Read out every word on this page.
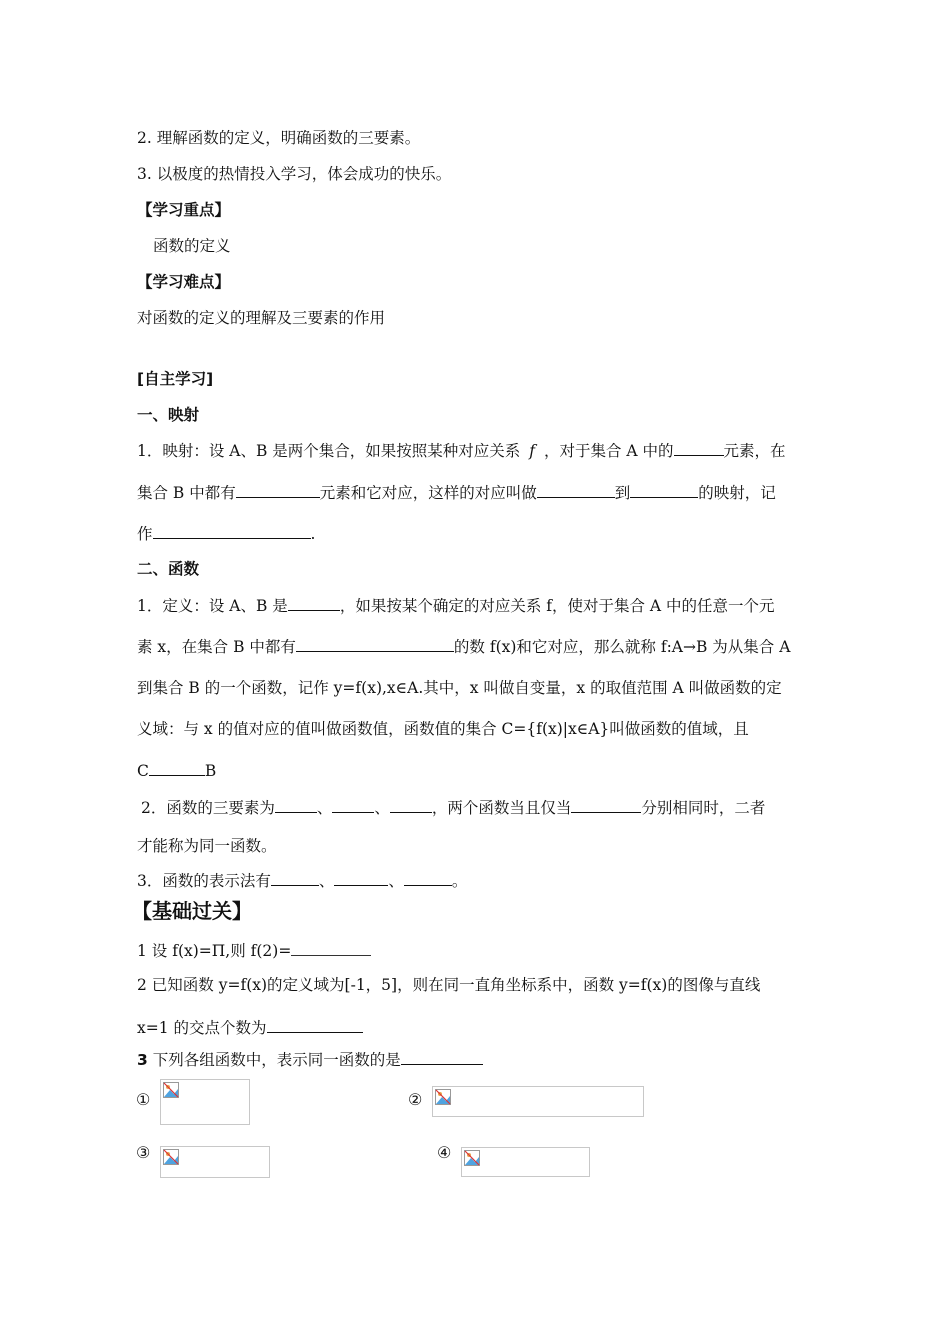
2. 理解函数的定义，明确函数的三要素。
3. 以极度的热情投入学习，体会成功的快乐。
【学习重点】
函数的定义
【学习难点】
对函数的定义的理解及三要素的作用
[自主学习]
一、映射
1．映射：设 A、B 是两个集合，如果按照某种对应关系 f ，对于集合 A 中的	元素，在
集合 B 中都有	元素和它对应，这样的对应叫做	到	的映射，记
作	.
二、函数
1．定义：设 A、B 是	，如果按某个确定的对应关系 f，使对于集合 A 中的任意一个元
素 x，在集合 B 中都有	的数 f(x)和它对应，那么就称 f:A→B 为从集合 A
到集合 B 的一个函数，记作 y=f(x),x∈A.其中，x 叫做自变量，x 的取值范围 A 叫做函数的定
义域：与 x 的值对应的值叫做函数值，函数值的集合 C={f(x)|x∈A}叫做函数的值域，且
C	B
2．函数的三要素为	、	、	，两个函数当且仅当	分别相同时，二者
才能称为同一函数。
3．函数的表示法有	、	、	。
【基础过关】
1 设 f(x)=Π,则 f(2)=
2 已知函数 y=f(x)的定义域为[-1，5]，则在同一直角坐标系中，函数 y=f(x)的图像与直线
x=1 的交点个数为
3 下列各组函数中，表示同一函数的是
①	②
③	④
